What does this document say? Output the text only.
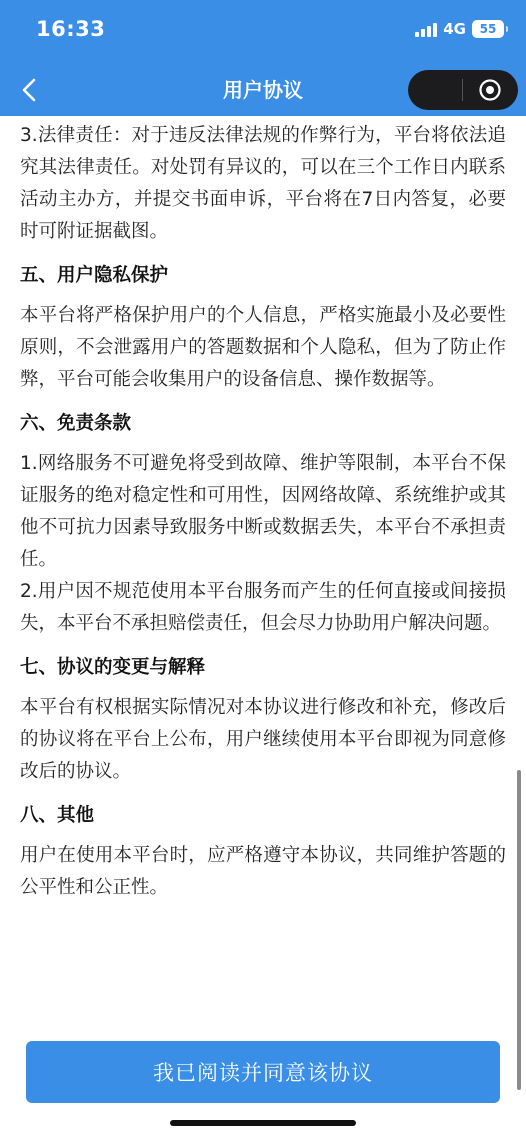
16:33	4G 55
用户协议

3.法律责任：对于违反法律法规的作弊行为，平台将依法追究其法律责任。对处罚有异议的，可以在三个工作日内联系活动主办方，并提交书面申诉，平台将在7日内答复，必要时可附证据截图。

五、用户隐私保护

本平台将严格保护用户的个人信息，严格实施最小及必要性原则，不会泄露用户的答题数据和个人隐私，但为了防止作弊，平台可能会收集用户的设备信息、操作数据等。

六、免责条款

1.网络服务不可避免将受到故障、维护等限制，本平台不保证服务的绝对稳定性和可用性，因网络故障、系统维护或其他不可抗力因素导致服务中断或数据丢失，本平台不承担责任。

2.用户因不规范使用本平台服务而产生的任何直接或间接损失，本平台不承担赔偿责任，但会尽力协助用户解决问题。

七、协议的变更与解释

本平台有权根据实际情况对本协议进行修改和补充，修改后的协议将在平台上公布，用户继续使用本平台即视为同意修改后的协议。

八、其他

用户在使用本平台时，应严格遵守本协议，共同维护答题的公平性和公正性。

我已阅读并同意该协议
